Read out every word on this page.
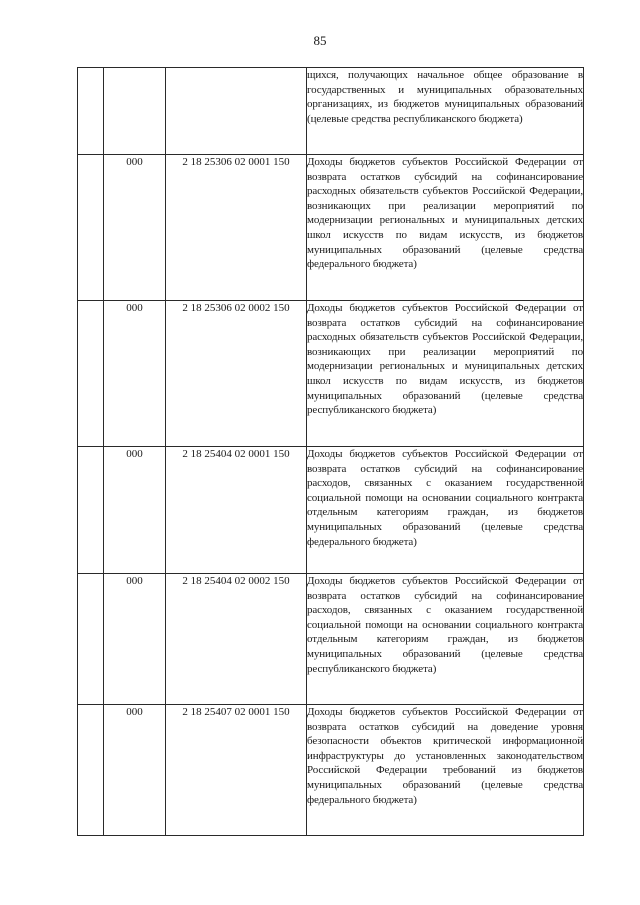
85
			щихся, получающих начальное общее образование в государственных и муниципальных образовательных организациях, из бюджетов муниципальных образований (целевые средства республиканского бюджета)
	000	2 18 25306 02 0001 150	Доходы бюджетов субъектов Российской Федерации от возврата остатков субсидий на софинансирование расходных обязательств субъектов Российской Федерации, возникающих при реализации мероприятий по модернизации региональных и муниципальных детских школ искусств по видам искусств, из бюджетов муниципальных образований (целевые средства федерального бюджета)
	000	2 18 25306 02 0002 150	Доходы бюджетов субъектов Российской Федерации от возврата остатков субсидий на софинансирование расходных обязательств субъектов Российской Федерации, возникающих при реализации мероприятий по модернизации региональных и муниципальных детских школ искусств по видам искусств, из бюджетов муниципальных образований (целевые средства республиканского бюджета)
	000	2 18 25404 02 0001 150	Доходы бюджетов субъектов Российской Федерации от возврата остатков субсидий на софинансирование расходов, связанных с оказанием государственной социальной помощи на основании социального контракта отдельным категориям граждан, из бюджетов муниципальных образований (целевые средства федерального бюджета)
	000	2 18 25404 02 0002 150	Доходы бюджетов субъектов Российской Федерации от возврата остатков субсидий на софинансирование расходов, связанных с оказанием государственной социальной помощи на основании социального контракта отдельным категориям граждан, из бюджетов муниципальных образований (целевые средства республиканского бюджета)
	000	2 18 25407 02 0001 150	Доходы бюджетов субъектов Российской Федерации от возврата остатков субсидий на доведение уровня безопасности объектов критической информационной инфраструктуры до установленных законодательством Российской Федерации требований из бюджетов муниципальных образований (целевые средства федерального бюджета)
